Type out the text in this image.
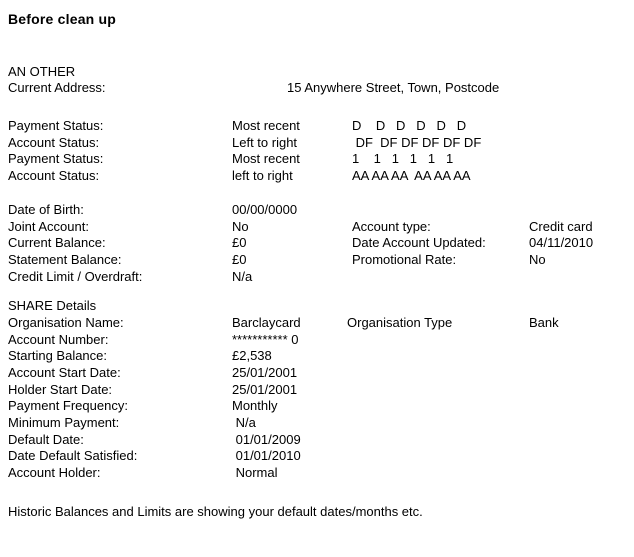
Before clean up
AN OTHER
Current Address:	15 Anywhere Street, Town, Postcode
Payment Status:	Most recent	D    D   D   D   D   D
Account Status:	Left to right	DF  DF DF DF DF DF
Payment Status:	Most recent	1    1   1   1   1   1
Account Status:	left to right	AA AA AA  AA AA AA
Date of Birth:	00/00/0000
Joint Account:	No	Account type:	Credit card
Current Balance:	£0	Date Account Updated:	04/11/2010
Statement Balance:	£0	Promotional Rate:	No
Credit Limit / Overdraft:	N/a
SHARE Details
Organisation Name:	Barclaycard	Organisation Type	Bank
Account Number:	*********** 0
Starting Balance:	£2,538
Account Start Date:	25/01/2001
Holder Start Date:	25/01/2001
Payment Frequency:	Monthly
Minimum Payment:	N/a
Default Date:	01/01/2009
Date Default Satisfied:	01/01/2010
Account Holder:	Normal
Historic Balances and Limits are showing your default dates/months etc.
